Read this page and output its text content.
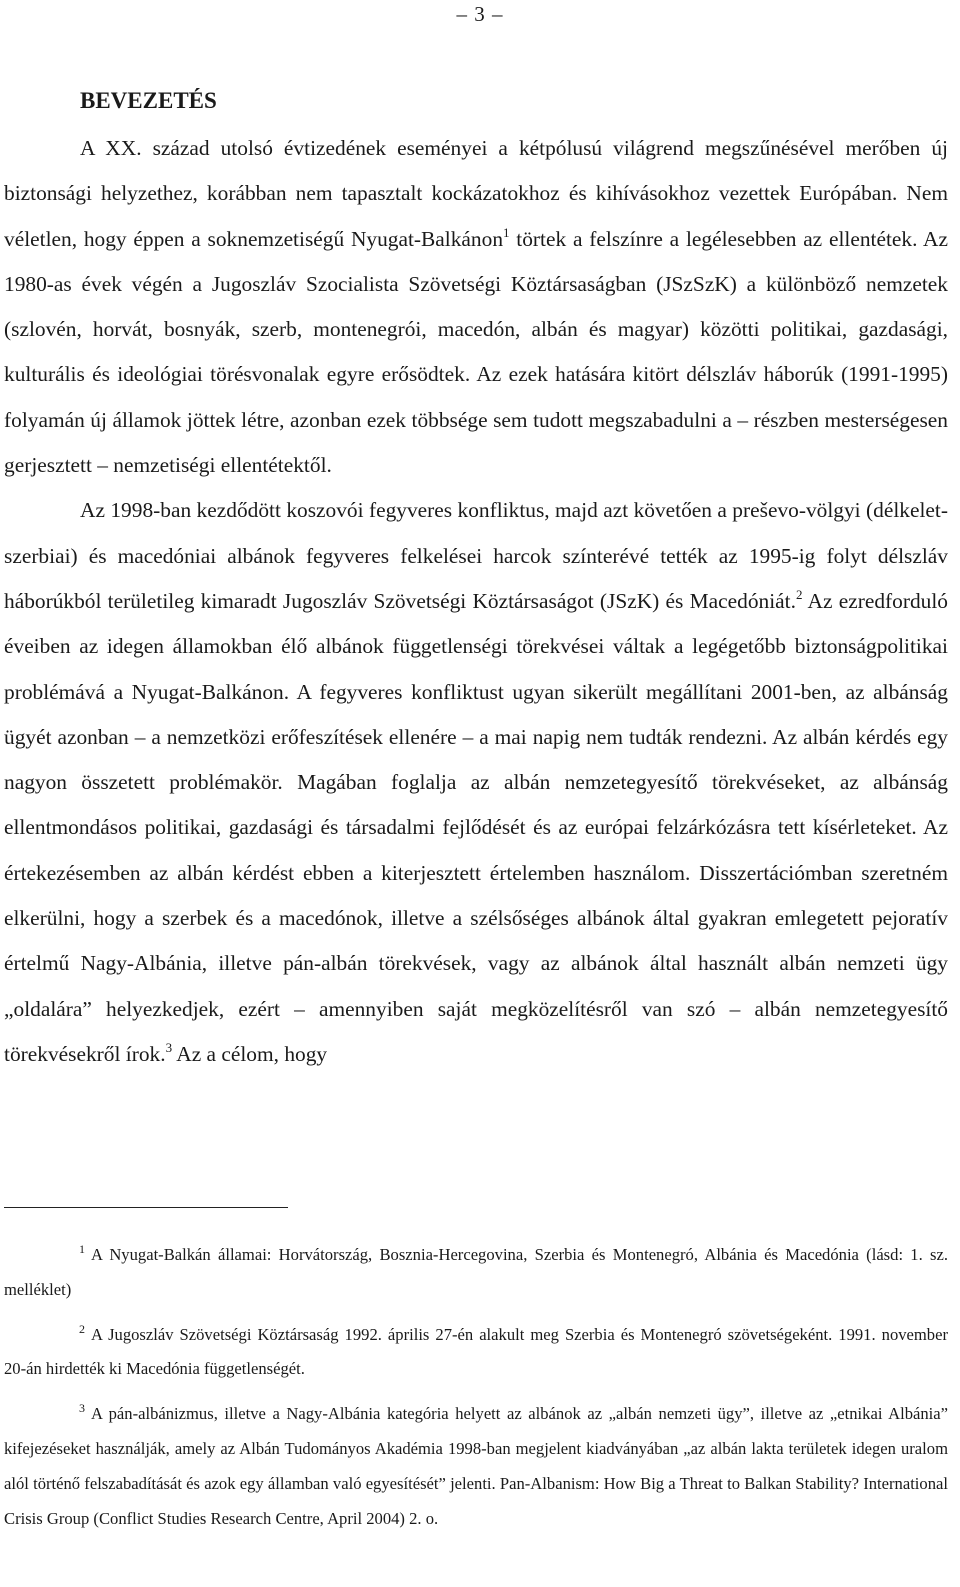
– 3 –
BEVEZETÉS

A XX. század utolsó évtizedének eseményei a kétpólusú világrend megszűnésével merőben új biztonsági helyzethez, korábban nem tapasztalt kockázatokhoz és kihívásokhoz vezettek Európában. Nem véletlen, hogy éppen a soknemzetiségű Nyugat-Balkánon$^1$ törtek a felszínre a legélesebben az ellentétek. Az 1980-as évek végén a Jugoszláv Szocialista Szövetségi Köztársaságban (JSzSzK) a különböző nemzetek (szlovén, horvát, bosnyák, szerb, montenegrói, macedón, albán és magyar) közötti politikai, gazdasági, kulturális és ideológiai törésvonalak egyre erősödtek. Az ezek hatására kitört délszláv háborúk (1991-1995) folyamán új államok jöttek létre, azonban ezek többsége sem tudott megszabadulni a – részben mesterségesen gerjesztett – nemzetiségi ellentétektől.

Az 1998-ban kezdődött koszovói fegyveres konfliktus, majd azt követően a preševo-völgyi (délkelet-szerbiai) és macedóniai albánok fegyveres felkelései harcok színterévé tették az 1995-ig folyt délszláv háborúkból területileg kimaradt Jugoszláv Szövetségi Köztársaságot (JSzK) és Macedóniát.$^2$ Az ezredforduló éveiben az idegen államokban élő albánok függetlenségi törekvései váltak a legégetőbb biztonságpolitikai problémává a Nyugat-Balkánon. A fegyveres konfliktust ugyan sikerült megállítani 2001-ben, az albánság ügyét azonban – a nemzetközi erőfeszítések ellenére – a mai napig nem tudták rendezni. Az albán kérdés egy nagyon összetett problémakör. Magában foglalja az albán nemzetegyesítő törekvéseket, az albánság ellentmondásos politikai, gazdasági és társadalmi fejlődését és az európai felzárkózásra tett kísérleteket. Az értekezésemben az albán kérdést ebben a kiterjesztett értelemben használom. Disszertációmban szeretném elkerülni, hogy a szerbek és a macedónok, illetve a szélsőséges albánok által gyakran emlegetett pejoratív értelmű Nagy-Albánia, illetve pán-albán törekvések, vagy az albánok által használt albán nemzeti ügy „oldalára” helyezkedjek, ezért – amennyiben saját megközelítésről van szó – albán nemzetegyesítő törekvésekről írok.$^3$ Az a célom, hogy

$^1$ A Nyugat-Balkán államai: Horvátország, Bosznia-Hercegovina, Szerbia és Montenegró, Albánia és Macedónia (lásd: 1. sz. melléklet)

$^2$ A Jugoszláv Szövetségi Köztársaság 1992. április 27-én alakult meg Szerbia és Montenegró szövetségeként. 1991. november 20-án hirdették ki Macedónia függetlenségét.

$^3$ A pán-albánizmus, illetve a Nagy-Albánia kategória helyett az albánok az „albán nemzeti ügy”, illetve az „etnikai Albánia” kifejezéseket használják, amely az Albán Tudományos Akadémia 1998-ban megjelent kiadványában „az albán lakta területek idegen uralom alól történő felszabadítását és azok egy államban való egyesítését” jelenti. Pan-Albanism: How Big a Threat to Balkan Stability? International Crisis Group (Conflict Studies Research Centre, April 2004) 2. o.
